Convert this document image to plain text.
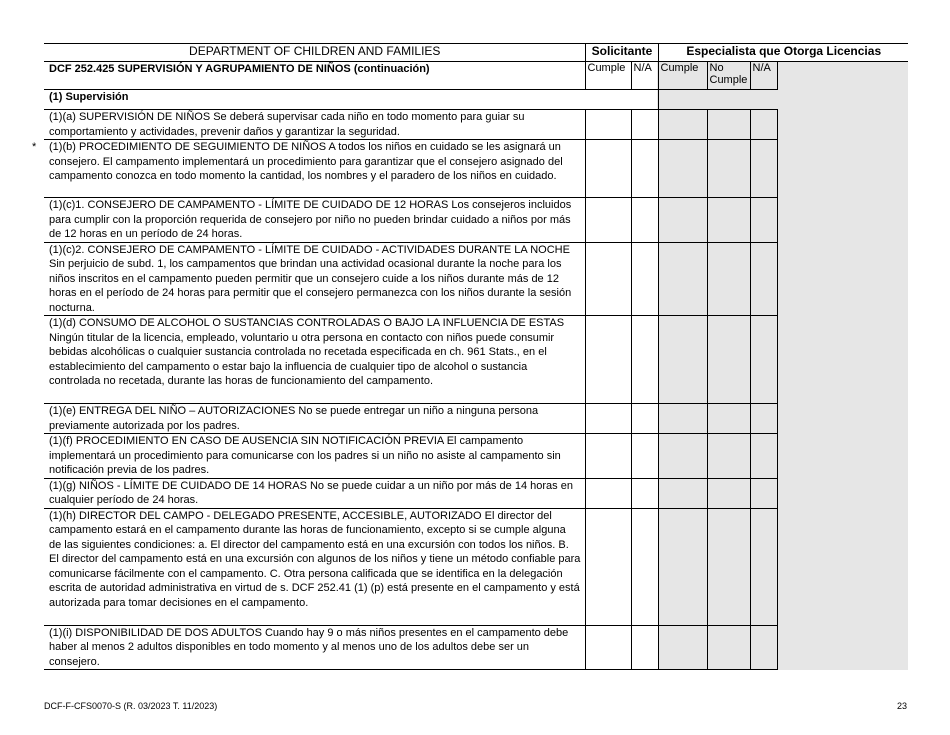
DEPARTMENT OF CHILDREN AND FAMILIES	Solicitante		Especialista que Otorga Licencias			
DCF 252.425 SUPERVISIÓN Y AGRUPAMIENTO DE NIÑOS (continuación)	Cumple	N/A	Cumple	No Cumple	N/A	
(1) Supervisión						
(1)(a) SUPERVISIÓN DE NIÑOS Se deberá supervisar cada niño en todo momento para guiar su comportamiento y actividades, prevenir daños y garantizar la seguridad.						

* (1)(b) PROCEDIMIENTO DE SEGUIMIENTO DE NIÑOS A todos los niños en cuidado se les asignará un consejero. El campamento implementará un procedimiento para garantizar que el consejero asignado del campamento conozca en todo momento la cantidad, los nombres y el paradero de los niños en cuidado.						
(1)(c)1. CONSEJERO DE CAMPAMENTO - LÍMITE DE CUIDADO DE 12 HORAS Los consejeros incluidos para cumplir con la proporción requerida de consejero por niño no pueden brindar cuidado a niños por más de 12 horas en un período de 24 horas.						
(1)(c)2. CONSEJERO DE CAMPAMENTO - LÍMITE DE CUIDADO - ACTIVIDADES DURANTE LA NOCHE Sin perjuicio de subd. 1, los campamentos que brindan una actividad ocasional durante la noche para los niños inscritos en el campamento pueden permitir que un consejero cuide a los niños durante más de 12 horas en el período de 24 horas para permitir que el consejero permanezca con los niños durante la sesión nocturna.						
(1)(d) CONSUMO DE ALCOHOL O SUSTANCIAS CONTROLADAS O BAJO LA INFLUENCIA DE ESTAS Ningún titular de la licencia, empleado, voluntario u otra persona en contacto con niños puede consumir bebidas alcohólicas o cualquier sustancia controlada no recetada especificada en ch. 961 Stats., en el establecimiento del campamento o estar bajo la influencia de cualquier tipo de alcohol o sustancia controlada no recetada, durante las horas de funcionamiento del campamento.						
(1)(e) ENTREGA DEL NIÑO – AUTORIZACIONES No se puede entregar un niño a ninguna persona previamente autorizada por los padres.						
(1)(f) PROCEDIMIENTO EN CASO DE AUSENCIA SIN NOTIFICACIÓN PREVIA El campamento implementará un procedimiento para comunicarse con los padres si un niño no asiste al campamento sin notificación previa de los padres.						
(1)(g) NIÑOS - LÍMITE DE CUIDADO DE 14 HORAS No se puede cuidar a un niño por más de 14 horas en cualquier período de 24 horas.						
(1)(h) DIRECTOR DEL CAMPO - DELEGADO PRESENTE, ACCESIBLE, AUTORIZADO El director del campamento estará en el campamento durante las horas de funcionamiento, excepto si se cumple alguna de las siguientes condiciones: a. El director del campamento está en una excursión con todos los niños. B. El director del campamento está en una excursión con algunos de los niños y tiene un método confiable para comunicarse fácilmente con el campamento. C. Otra persona calificada que se identifica en la delegación escrita de autoridad administrativa en virtud de s. DCF 252.41 (1) (p) está presente en el campamento y está autorizada para tomar decisiones en el campamento.						
(1)(i) DISPONIBILIDAD DE DOS ADULTOS Cuando hay 9 o más niños presentes en el campamento debe haber al menos 2 adultos disponibles en todo momento y al menos uno de los adultos debe ser un consejero.						
DCF-F-CFS0070-S (R. 03/2023 T. 11/2023)	23
